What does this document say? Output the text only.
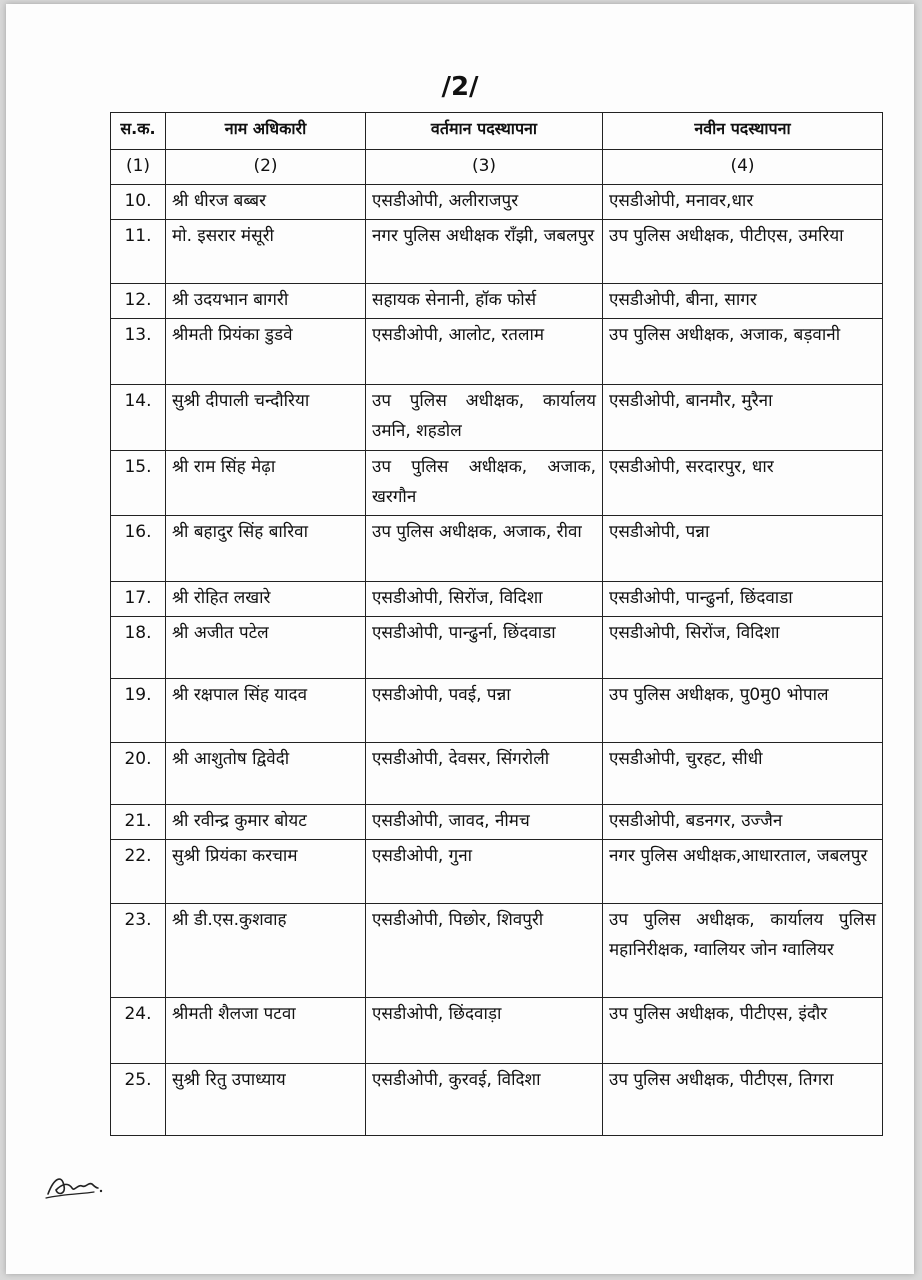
/2/
स.क.	नाम अधिकारी	वर्तमान पदस्थापना	नवीन पदस्थापना
(1)	(2)	(3)	(4)
10.	श्री धीरज बब्बर	एसडीओपी, अलीराजपुर	एसडीओपी, मनावर,धार
11.	मो. इसरार मंसूरी	नगर पुलिस अधीक्षक राँझी, जबलपुर	उप पुलिस अधीक्षक, पीटीएस, उमरिया
12.	श्री उदयभान बागरी	सहायक सेनानी, हॉक फोर्स	एसडीओपी, बीना, सागर
13.	श्रीमती प्रियंका डुडवे	एसडीओपी, आलोट, रतलाम	उप पुलिस अधीक्षक, अजाक, बड़वानी
14.	सुश्री दीपाली चन्दौरिया	उप पुलिस अधीक्षक, कार्यालय उमनि, शहडोल	एसडीओपी, बानमौर, मुरैना
15.	श्री राम सिंह मेढ़ा	उप पुलिस अधीक्षक, अजाक, खरगौन	एसडीओपी, सरदारपुर, धार
16.	श्री बहादुर सिंह बारिवा	उप पुलिस अधीक्षक, अजाक, रीवा	एसडीओपी, पन्ना
17.	श्री रोहित लखारे	एसडीओपी, सिरोंज, विदिशा	एसडीओपी, पान्ढुर्ना, छिंदवाडा
18.	श्री अजीत पटेल	एसडीओपी, पान्ढुर्ना, छिंदवाडा	एसडीओपी, सिरोंज, विदिशा
19.	श्री रक्षपाल सिंह यादव	एसडीओपी, पवई, पन्ना	उप पुलिस अधीक्षक, पु0मु0 भोपाल
20.	श्री आशुतोष द्विवेदी	एसडीओपी, देवसर, सिंगरोली	एसडीओपी, चुरहट, सीधी
21.	श्री रवीन्द्र कुमार बोयट	एसडीओपी, जावद, नीमच	एसडीओपी, बडनगर, उज्जैन
22.	सुश्री प्रियंका करचाम	एसडीओपी, गुना	नगर पुलिस अधीक्षक,आधारताल, जबलपुर
23.	श्री डी.एस.कुशवाह	एसडीओपी, पिछोर, शिवपुरी	उप पुलिस अधीक्षक, कार्यालय पुलिस महानिरीक्षक, ग्वालियर जोन ग्वालियर
24.	श्रीमती शैलजा पटवा	एसडीओपी, छिंदवाड़ा	उप पुलिस अधीक्षक, पीटीएस, इंदौर
25.	सुश्री रितु उपाध्याय	एसडीओपी, कुरवई, विदिशा	उप पुलिस अधीक्षक, पीटीएस, तिगरा
